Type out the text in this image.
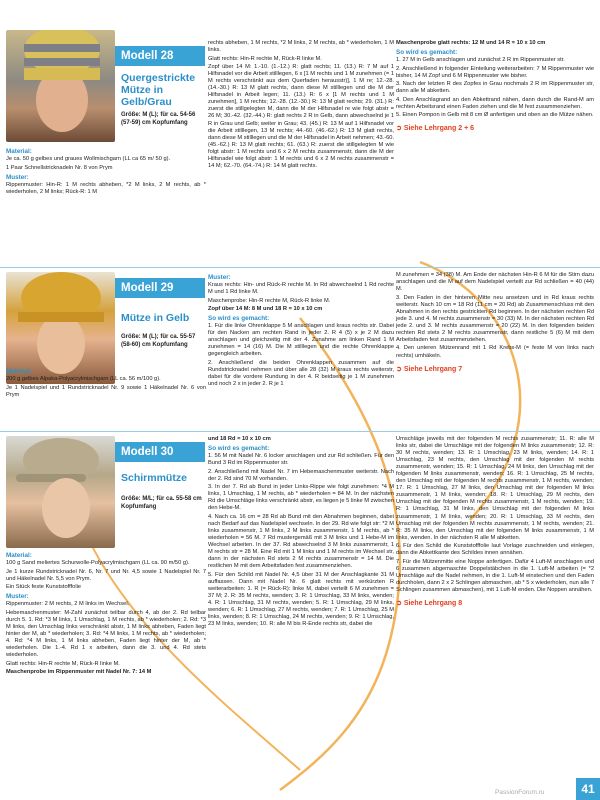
Modell 28
Quergestrickte Mütze in Gelb/Grau
Größe: M (L); für ca. 54-56 (57-59) cm Kopfumfang
Material:

Je ca. 50 g gelbes und graues Wollmischgarn (LL ca 65 m/ 50 g).

1 Paar Schnellstricknadeln Nr. 8 von Prym

Muster:

Rippenmuster: Hin-R: 1 M rechts abheben, *2 M links, 2 M rechts, ab * wiederholen, 2 M links; Rück-R: 1 M

rechts abheben, 1 M rechts, *2 M links, 2 M rechts, ab * wiederholen, 1 M links.

Glatt rechts: Hin-R rechte M, Rück-R linke M.

Zopf über 14 M: 1.-10. (1.-12.) R: glatt rechts; 11. (13.) R: 7 M auf 1 Hilfsnadel vor die Arbeit stilllegen, 6 x [1 M rechts und 1 M zunehmen (= 1 M rechts verschränkt aus dem Querfaden herausstr)], 1 M re; 12.-28. (14.-30.) R: 13 M glatt rechts, dann diese M stilllegen und die M der Hilfsnadel in Arbeit legen; 11. (13.) R: 6 x [1 M rechts und 1 M zunehmen], 1 M rechts; 12.-28. (12.-30.) R: 13 M glatt rechts; 29. (31.) R: zuerst die stillgelegten M, dann die M der Hilfsnadel re wie folgt abstr = 26 M; 30.-42. (32.-44.) R: glatt rechts 2 R in Gelb, dann abwechselnd je 1 R in Grau und Gelb; weiter in Grau; 43. (45.) R: 13 M auf 1 Hilfsnadel vor die Arbeit stilllegen, 13 M rechts; 44.-60. (46.-62.) R: 13 M glatt rechts, dann diese M stilllegen und die M der Hilfsnadel in Arbeit nehmen; 43.-60. (45.-62.) R: 13 M glatt rechts; 61. (63.) R: zuerst die stillgelegten M wie folgt abstr: 1 M rechts und 6 x 2 M rechts zusammenstr, dann die M der Hilfsnadel wie folgt abstr: 1 M rechts und 6 x 2 M rechts zusammenstr = 14 M; 62.-70. (64.-74.) R: 14 M glatt rechts.

Maschenprobe glatt rechts: 12 M und 14 R = 10 x 10 cm

So wird es gemacht:

1. 27 M in Gelb anschlagen und zunächst 2 R im Rippenmuster str.

2. Anschließend in folgender Einteilung weiterarbeiten: 7 M Rippenmuster wie bisher, 14 M Zopf und 6 M Rippenmuster wie bisher.

3. Nach der letzten R des Zopfes in Grau nochmals 2 R im Rippenmuster str, dann alle M abketten.

4. Den Anschlagrand an den Abkettrand nähen, dann durch die Rand-M am rechten Arbeitsrand einen Faden ziehen und die M fest zusammenziehen.

5. Einen Pompon in Gelb mit 8 cm Ø anfertigen und oben an die Mütze nähen.

➲ Siehe Lehrgang 2 + 6
Modell 29
Mütze in Gelb
Größe: M (L); für ca. 55-57 (58-60) cm Kopfumfang
Material:

200 g gelbes Alpaka-Polyacrylmischgarn (LL ca. 56 m/100 g).

Je 1 Nadelspiel und 1 Rundstricknadel Nr. 9 sowie 1 Häkelnadel Nr. 6 von Prym

Muster:

Kraus rechts: Hin- und Rück-R rechte M. In Rd abwechselnd 1 Rd rechte M und 1 Rd linke M.

Maschenprobe: Hin-R rechte M, Rück-R linke M.

Zopf über 14 M: 8 M und 18 R = 10 x 10 cm

So wird es gemacht:

1. Für die linke Ohrenklappe 5 M anschlagen und kraus rechts str. Dabei für den Nacken am rechten Rand in jeder 2. R 4 (5) x je 2 M dazu anschlagen und gleichzeitig mit der 4. Zunahme am linken Rand 1 M zunehmen = 14 (16) M. Die M stilllegen und die rechte Ohrenklappe gegengleich arbeiten.

2. Anschließend die beiden Ohrenklappen zusammen auf die Rundstricknadel nehmen und über alle 28 (32) M kraus rechts weiterstr, dabei für die vordere Rundung in der 4. R beidseitig je 1 M zunehmen und noch 2 x in jeder 2. R je 1

M zunehmen = 34 (38) M. Am Ende der nächsten Hin-R 6 M für die Stirn dazu anschlagen und die M auf dem Nadelspiel verteilt zur Rd schließen = 40 (44) M.

3. Den Faden in der hinteren Mitte neu ansetzen und in Rd kraus rechts weiterstr. Nach 10 cm = 18 Rd (11 cm = 20 Rd) ab Zusammenschluss mit den Abnahmen in den rechts gestrickten Rd beginnen. In der nächsten rechten Rd jede 3. und 4. M rechts zusammenstr = 30 (33) M. In der nächsten rechten Rd jede 2. und 3. M rechts zusammenstr = 20 (22) M. In den folgenden beiden rechten Rd stets 2 M rechts zusammenstr, dann restliche 5 (6) M mit dem Arbeitsfaden fest zusammenziehen.

4. Den unteren Mützenrand mit 1 Rd Krebs-M (= feste M von links nach rechts) umhäkeln.

➲ Siehe Lehrgang 7
Modell 30
Schirmmütze
Größe: M/L; für ca. 55-58 cm Kopfumfang
Material:

100 g Sand meliertes Schurwolle-Polyacrylmischgarn (LL ca. 90 m/50 g).

Je 1 kurze Rundstricknadel Nr. 6, Nr. 7 und Nr. 4,5 sowie 1 Nadelspiel Nr. 7 und Häkelnadel Nr. 5,5 von Prym.

Ein Stück feste Kunststofffolie

Muster:

Rippenmuster: 2 M rechts, 2 M links im Wechsel.

Hebemaschenmuster: M-Zahl zunächst teilbar durch 4, ab der 2. Rd teilbar durch 5. 1. Rd: *3 M links, 1 Umschlag, 1 M rechts, ab * wiederholen; 2. Rd: *3 M links, den Umschlag links verschränkt abstr, 1 M links abheben, Faden liegt hinter der M, ab * wiederholen; 3. Rd: *4 M links, 1 M rechts, ab * wiederholen; 4. Rd: *4 M links, 1 M links abheben, Faden liegt hinter der M, ab * wiederholen. Die 1.-4. Rd 1 x arbeiten, dann die 3. und 4. Rd stets wiederholen.

Glatt rechts: Hin-R rechte M, Rück-R linke M.

Maschenprobe im Rippenmuster mit Nadel Nr. 7: 14 M

und 18 Rd = 10 x 10 cm

So wird es gemacht:

1. 56 M mit Nadel Nr. 6 locker anschlagen und zur Rd schließen. Für den Bund 3 Rd im Rippenmuster str.

2. Anschließend mit Nadel Nr. 7 im Hebemaschenmuster weiterstr. Nach der 2. Rd sind 70 M vorhanden.

3. In der 7. Rd ab Bund in jeder Links-Rippe wie folgt zunehmen: *4 M links, 1 Umschlag, 1 M rechts, ab * wiederholen = 84 M. In der nächsten Rd die Umschläge links verschränkt abstr, es liegen je 5 linke M zwischen den Hebe-M.

4. Nach ca. 16 cm = 28 Rd ab Bund mit den Abnahmen beginnen, dabei nach Bedarf auf das Nadelspiel wechseln. In der 29. Rd wie folgt str: *2 M links zusammenstr, 1 M links, 2 M links zusammenstr, 1 M rechts, ab * wiederholen = 56 M. 7 Rd mustergemäß mit 3 M links und 1 Hebe-M im Wechsel arbeiten. In der 37. Rd abwechselnd 3 M links zusammenstr, 1 M rechts str = 28 M. Eine Rd mit 1 M links und 1 M rechts im Wechsel str, dann in der nächsten Rd stets 2 M rechts zusammenstr = 14 M. Die restlichen M mit dem Arbeitsfaden fest zusammenziehen.

5. Für den Schild mit Nadel Nr. 4,5 über 31 M der Anschlagkante 31 M auffassen. Dann mit Nadel Nr. 6 glatt rechts mit verkürzten R weiterarbeiten: 1. R (= Rück-R): linke M, dabei verteilt 6 M zunehmen = 37 M; 2. R: 35 M rechts, wenden; 3. R: 1 Umschlag, 33 M links, wenden; 4. R: 1 Umschlag, 31 M rechts, wenden; 5. R: 1 Umschlag, 29 M links, wenden; 6. R: 1 Umschlag, 27 M rechts, wenden; 7. R: 1 Umschlag, 25 M links, wenden; 8. R: 1 Umschlag, 24 M rechts, wenden; 9. R: 1 Umschlag, 23 M links, wenden; 10. R: alle M bis R-Ende rechts str, dabei die

Umschläge jeweils mit der folgenden M rechts zusammenstr; 11. R: alle M links str, dabei die Umschläge mit der folgenden M links zusammenstr; 12. R: 30 M rechts, wenden; 13. R: 1 Umschlag, 23 M links, wenden; 14. R: 1 Umschlag, 23 M rechts, den Umschlag mit der folgenden M rechts zusammenstr, wenden; 15. R: 1 Umschlag, 24 M links, den Umschlag mit der folgenden M links zusammenstr, wenden; 16. R: 1 Umschlag, 25 M rechts, den Umschlag mit der folgenden M rechts zusammenstr, 1 M rechts, wenden; 17. R: 1 Umschlag, 27 M links, den Umschlag mit der folgenden M links zusammenstr, 1 M links, wenden; 18. R: 1 Umschlag, 29 M rechts, den Umschlag mit der folgenden M rechts zusammenstr, 1 M rechts, wenden; 19. R: 1 Umschlag, 31 M links, den Umschlag mit der folgenden M links zusammenstr, 1 M links, wenden; 20. R: 1 Umschlag, 33 M rechts, den Umschlag mit der folgenden M rechts zusammenstr, 1 M rechts, wenden; 21. R: 35 M links, den Umschlag mit der folgenden M links zusammenstr, 1 M links, wenden. In der nächsten R alle M abketten.

6. Für den Schild die Kunststofffolie laut Vorlage zuschneiden und einlegen, dann die Abkettkante des Schildes innen annähen.

7. Für die Mützenmitte eine Noppe anfertigen. Dafür 4 Luft-M anschlagen und 6 zusammen abgemaschte Doppelstäbchen in die 1. Luft-M arbeiten (= *2 Umschläge auf die Nadel nehmen, in die 1. Luft-M einstechen und den Faden durchholen, dann 2 x 2 Schlingen abmaschen, ab * 5 x wiederholen, nun alle 7 Schlingen zusammen abmaschen), mit 1 Luft-M enden. Die Noppen annähen.

➲ Siehe Lehrgang 8
41
PassionForum.ru
